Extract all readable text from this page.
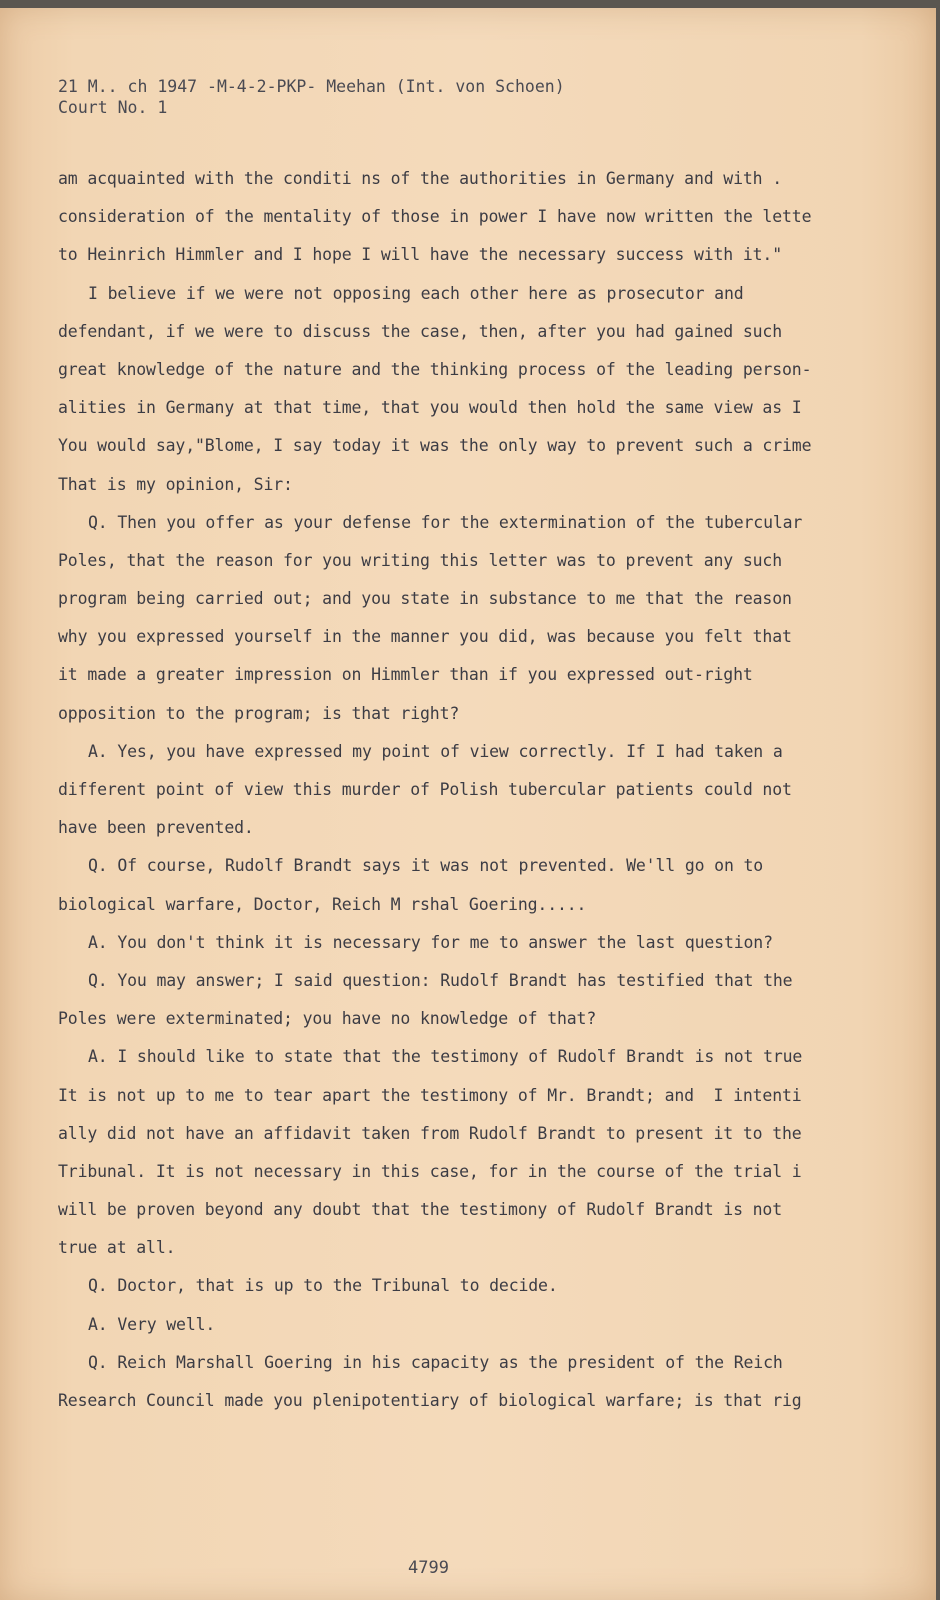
21 M.. ch 1947 -M-4-2-PKP- Meehan (Int. von Schoen)
Court No. 1
am acquainted with the conditi ns of the authorities in Germany and with .
consideration of the mentality of those in power I have now written the lette
to Heinrich Himmler and I hope I will have the necessary success with it."
I believe if we were not opposing each other here as prosecutor and
defendant, if we were to discuss the case, then, after you had gained such
great knowledge of the nature and the thinking process of the leading person-
alities in Germany at that time, that you would then hold the same view as I
You would say,"Blome, I say today it was the only way to prevent such a crime
That is my opinion, Sir:
Q. Then you offer as your defense for the extermination of the tubercular
Poles, that the reason for you writing this letter was to prevent any such
program being carried out; and you state in substance to me that the reason
why you expressed yourself in the manner you did, was because you felt that
it made a greater impression on Himmler than if you expressed out-right
opposition to the program; is that right?
A. Yes, you have expressed my point of view correctly. If I had taken a
different point of view this murder of Polish tubercular patients could not
have been prevented.
Q. Of course, Rudolf Brandt says it was not prevented. We'll go on to
biological warfare, Doctor, Reich M rshal Goering.....
A. You don't think it is necessary for me to answer the last question?
Q. You may answer; I said question: Rudolf Brandt has testified that the
Poles were exterminated; you have no knowledge of that?
A. I should like to state that the testimony of Rudolf Brandt is not true
It is not up to me to tear apart the testimony of Mr. Brandt; and  I intenti
ally did not have an affidavit taken from Rudolf Brandt to present it to the
Tribunal. It is not necessary in this case, for in the course of the trial i
will be proven beyond any doubt that the testimony of Rudolf Brandt is not
true at all.
Q. Doctor, that is up to the Tribunal to decide.
A. Very well.
Q. Reich Marshall Goering in his capacity as the president of the Reich
Research Council made you plenipotentiary of biological warfare; is that rig
4799
